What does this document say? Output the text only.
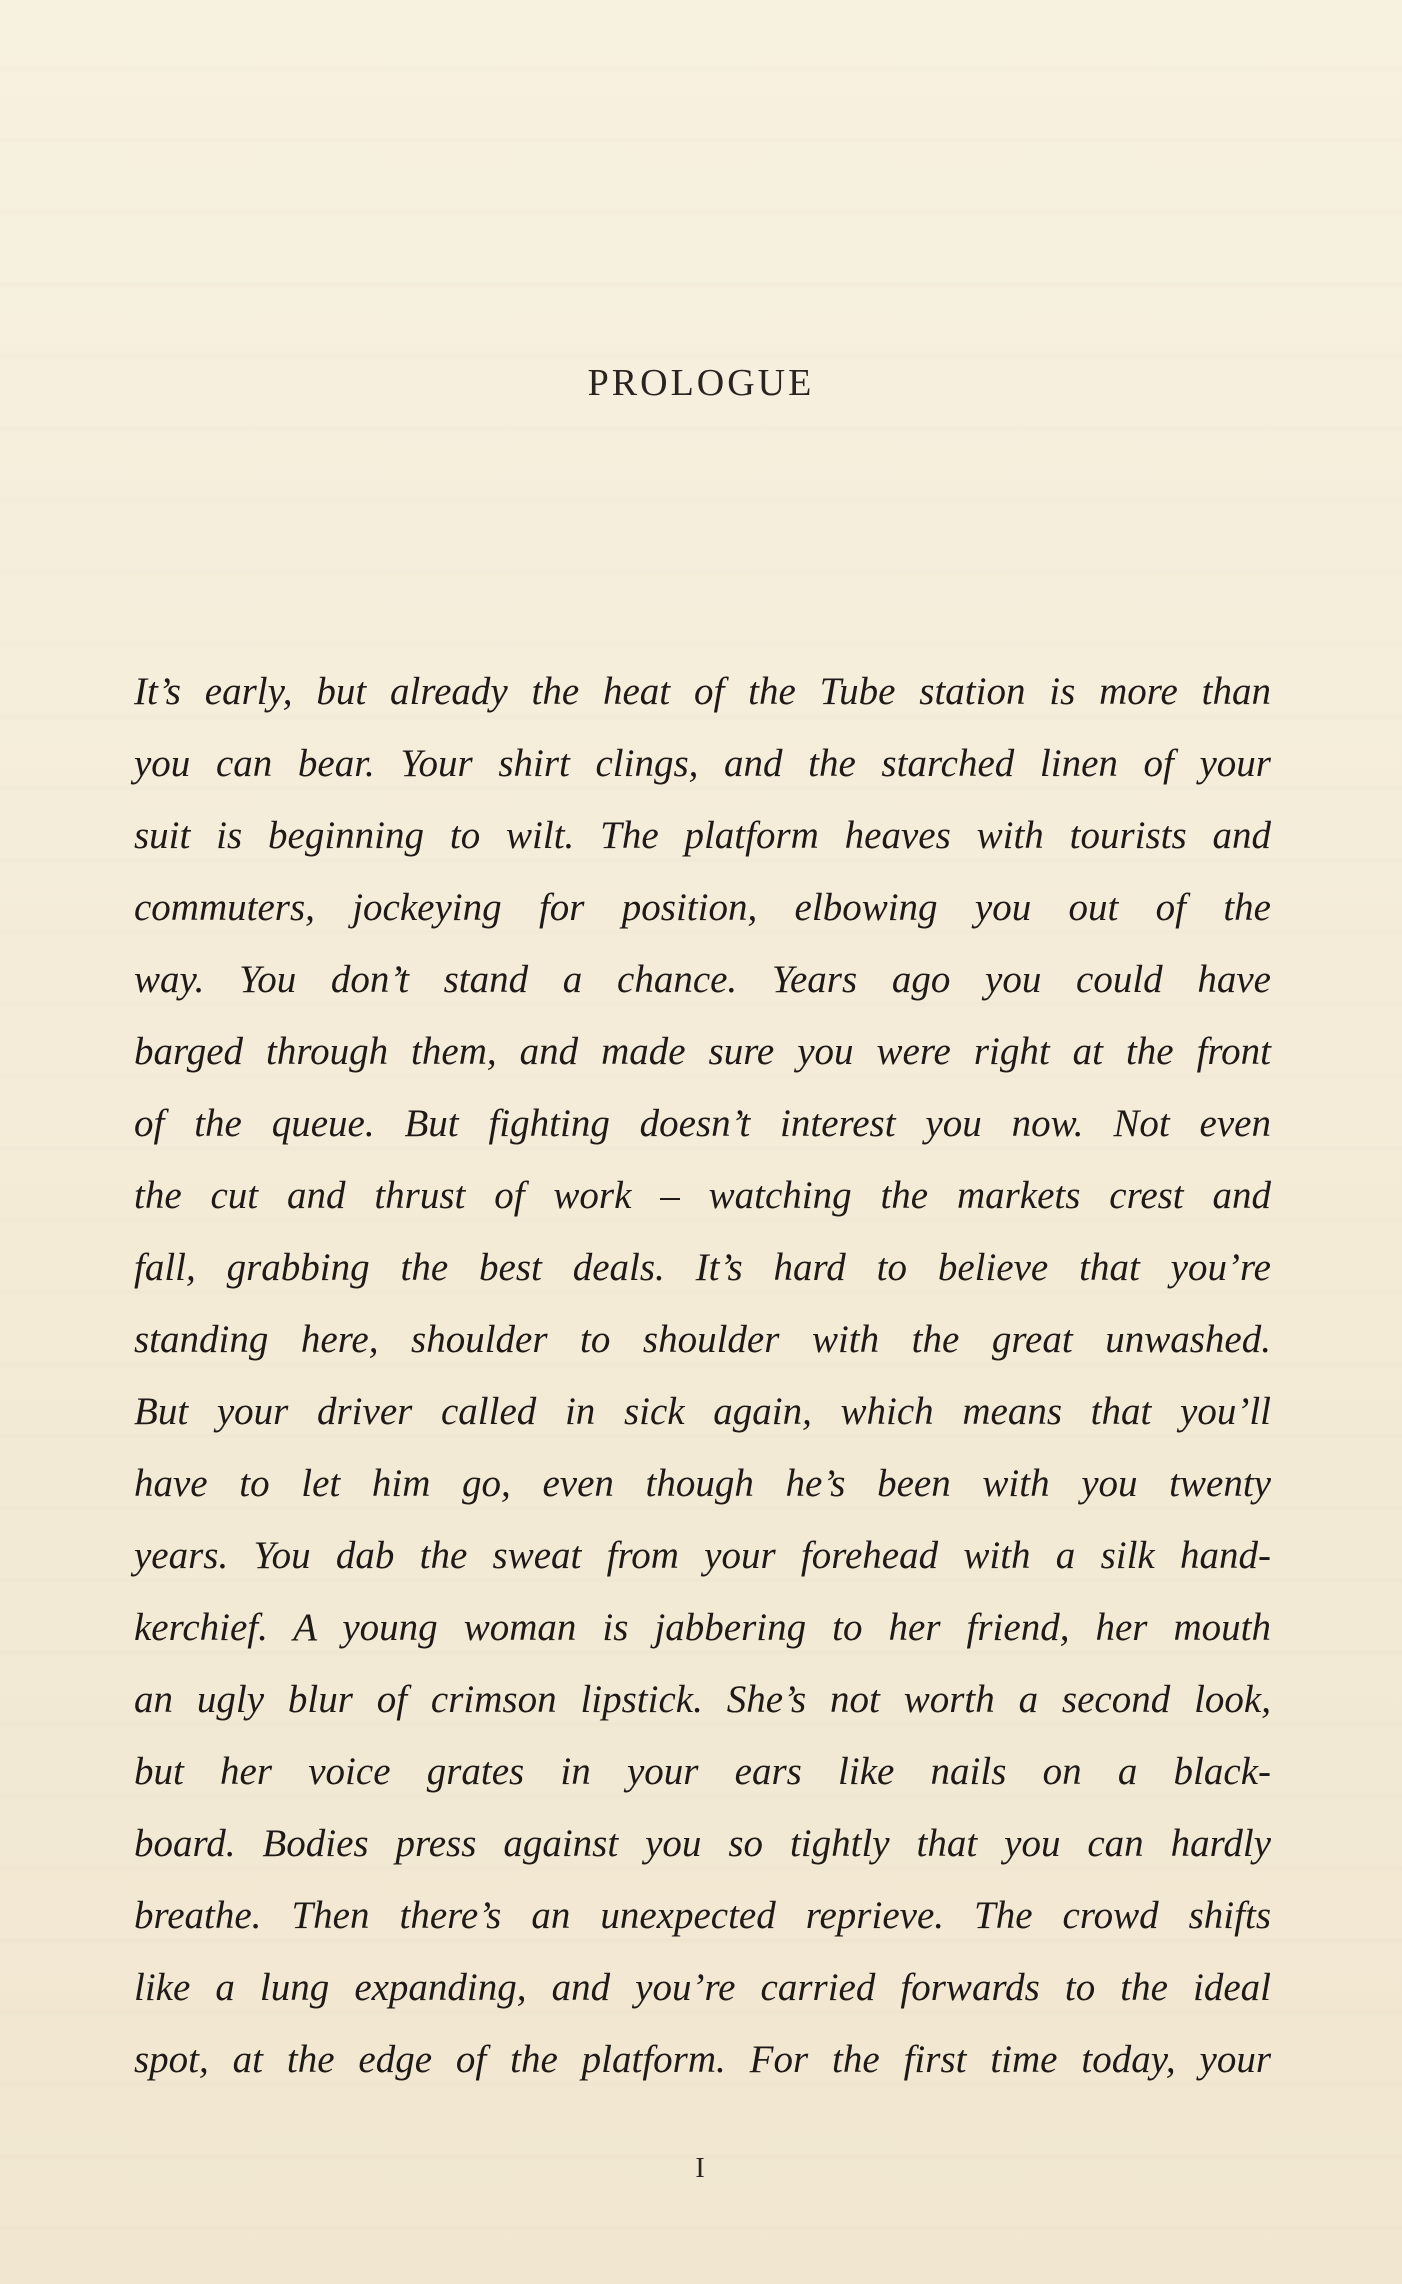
PROLOGUE
It’s early, but already the heat of the Tube station is more than
you can bear. Your shirt clings, and the starched linen of your
suit is beginning to wilt. The platform heaves with tourists and
commuters, jockeying for position, elbowing you out of the
way. You don’t stand a chance. Years ago you could have
barged through them, and made sure you were right at the front
of the queue. But fighting doesn’t interest you now. Not even
the cut and thrust of work – watching the markets crest and
fall, grabbing the best deals. It’s hard to believe that you’re
standing here, shoulder to shoulder with the great unwashed.
But your driver called in sick again, which means that you’ll
have to let him go, even though he’s been with you twenty
years. You dab the sweat from your forehead with a silk hand-
kerchief. A young woman is jabbering to her friend, her mouth
an ugly blur of crimson lipstick. She’s not worth a second look,
but her voice grates in your ears like nails on a black-
board. Bodies press against you so tightly that you can hardly
breathe. Then there’s an unexpected reprieve. The crowd shifts
like a lung expanding, and you’re carried forwards to the ideal
spot, at the edge of the platform. For the first time today, your
I
